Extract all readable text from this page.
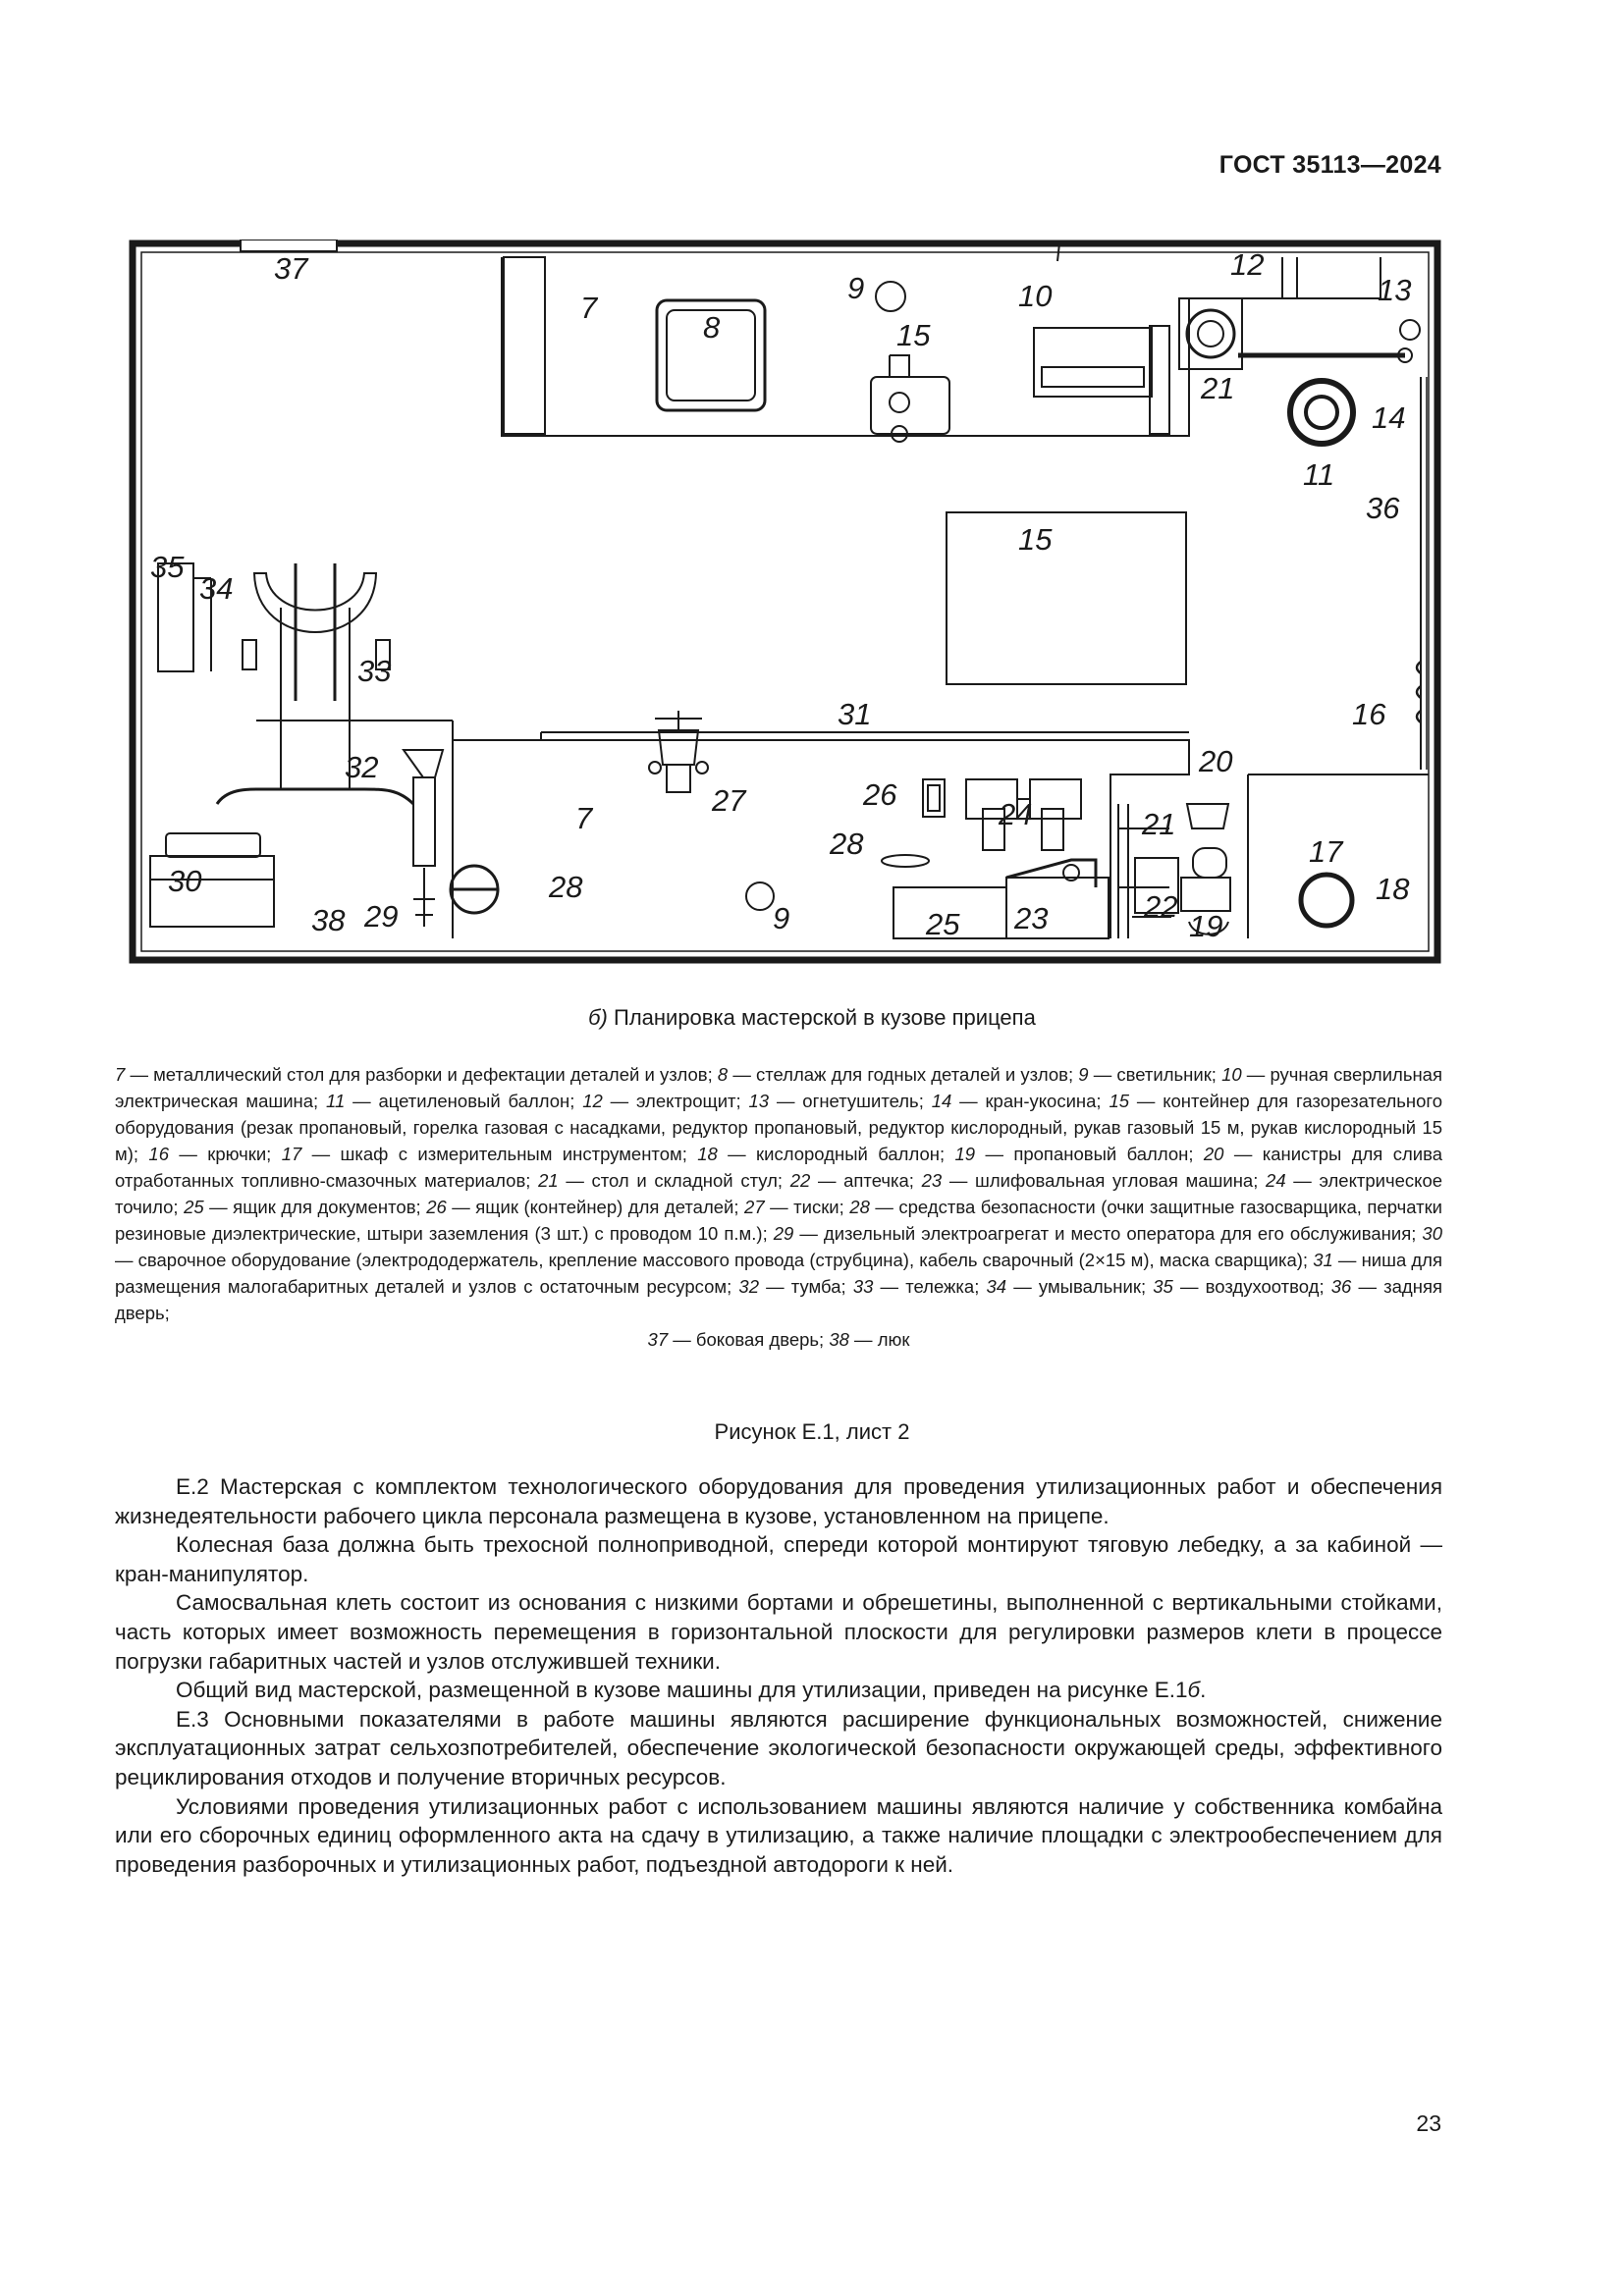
ГОСТ 35113—2024
37
7
8
9	10
12
13
15
21
14
11
36
15
35
34
33
31	16
32	20
26
27
7	24	21
17
28
18
30
38 29
28
9	25 23	22
19
б) Планировка мастерской в кузове прицепа
7 — металлический стол для разборки и дефектации деталей и узлов; 8 — стеллаж для годных деталей и узлов; 9 — светильник; 10 — ручная сверлильная электрическая машина; 11 — ацетиленовый баллон; 12 — электрощит; 13 — огнетушитель; 14 — кран-укосина; 15 — контейнер для газорезательного оборудования (резак пропановый, горелка газовая с насадками, редуктор пропановый, редуктор кислородный, рукав газовый 15 м, рукав кислородный 15 м); 16 — крючки; 17 — шкаф с измерительным инструментом; 18 — кислородный баллон; 19 — пропановый баллон; 20 — канистры для слива отработанных топливно-смазочных материалов; 21 — стол и складной стул; 22 — аптечка; 23 — шлифовальная угловая машина; 24 — электрическое точило; 25 — ящик для документов; 26 — ящик (контейнер) для деталей; 27 — тиски; 28 — средства безопасности (очки защитные газосварщика, перчатки резиновые диэлектрические, штыри заземления (3 шт.) с проводом 10 п.м.); 29 — дизельный электроагрегат и место оператора для его обслуживания; 30 — сварочное оборудование (электрододержатель, крепление массового провода (струбцина), кабель сварочный (2×15 м), маска сварщика); 31 — ниша для размещения малогабаритных деталей и узлов с остаточным ресурсом; 32 — тумба; 33 — тележка; 34 — умывальник; 35 — воздухоотвод; 36 — задняя дверь;
37 — боковая дверь; 38 — люк
Рисунок Е.1, лист 2

Е.2 Мастерская с комплектом технологического оборудования для проведения утилизационных работ и обеспечения жизнедеятельности рабочего цикла персонала размещена в кузове, установленном на прицепе.

Колесная база должна быть трехосной полноприводной, спереди которой монтируют тяговую лебедку, а за кабиной — кран-манипулятор.

Самосвальная клеть состоит из основания с низкими бортами и обрешетины, выполненной с вертикальными стойками, часть которых имеет возможность перемещения в горизонтальной плоскости для регулировки размеров клети в процессе погрузки габаритных частей и узлов отслужившей техники.

Общий вид мастерской, размещенной в кузове машины для утилизации, приведен на рисунке Е.1б.

Е.3 Основными показателями в работе машины являются расширение функциональных возможностей, снижение эксплуатационных затрат сельхозпотребителей, обеспечение экологической безопасности окружающей среды, эффективного рециклирования отходов и получение вторичных ресурсов.

Условиями проведения утилизационных работ с использованием машины являются наличие у собственника комбайна или его сборочных единиц оформленного акта на сдачу в утилизацию, а также наличие площадки с электрообеспечением для проведения разборочных и утилизационных работ, подъездной автодороги к ней.

23
